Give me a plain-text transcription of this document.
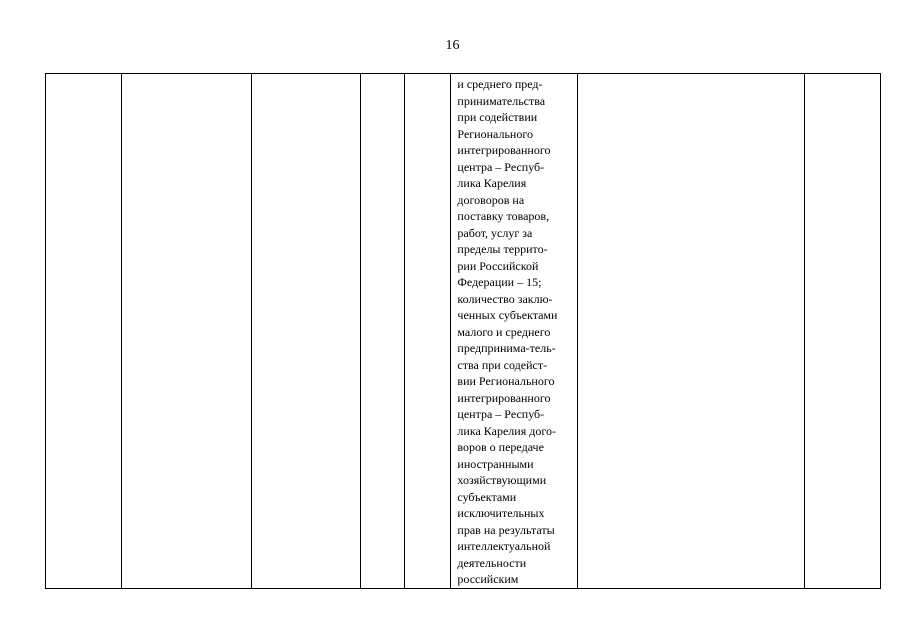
16

и среднего пред-
принимательства
при содействии
Регионального
интегрированного
центра – Респуб-
лика Карелия
договоров на
поставку товаров,
работ, услуг за
пределы террито-
рии Российской
Федерации – 15;
количество заклю-
ченных субъектами
малого и среднего
предпринима-тель-
ства при содейст-
вии Регионального
интегрированного
центра – Респуб-
лика Карелия дого-
воров о передаче
иностранными
хозяйствующими
субъектами
исключительных
прав на результаты
интеллектуальной
деятельности
российским
